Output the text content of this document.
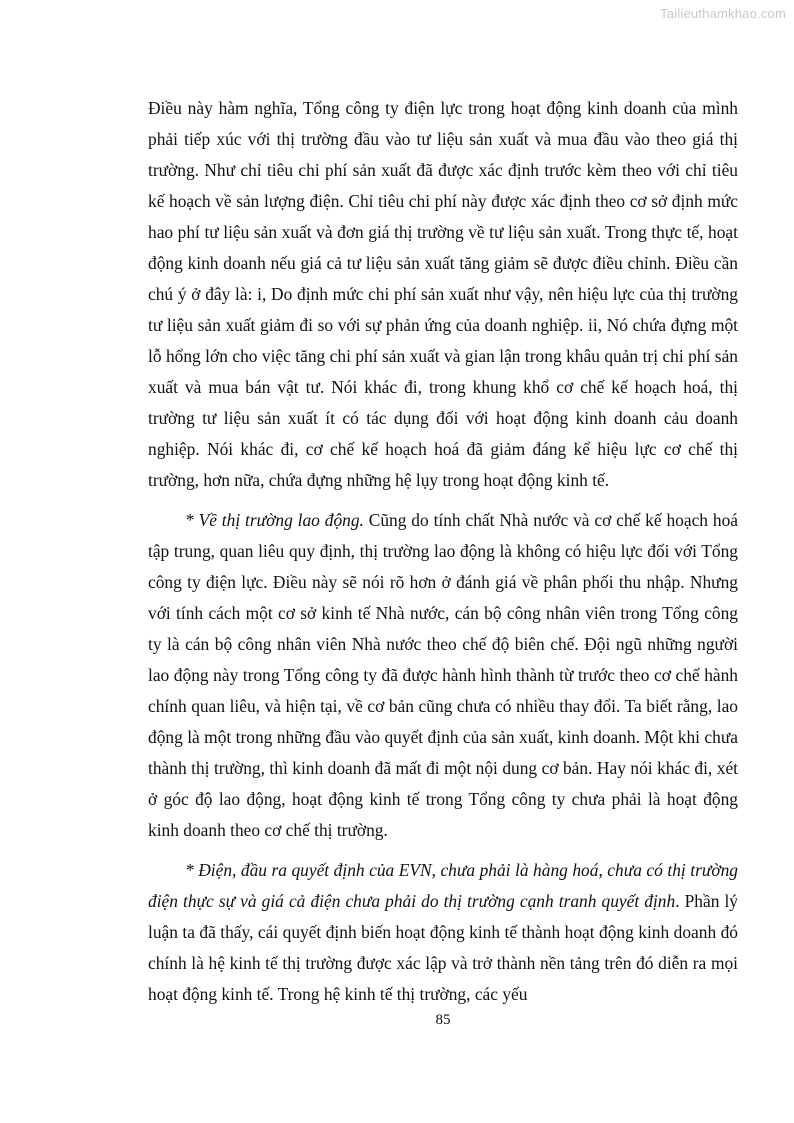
Tailieuthamkhao.com

Điều này hàm nghĩa, Tổng công ty điện lực trong hoạt động kinh doanh của mình phải tiếp xúc với thị trường đầu vào tư liệu sản xuất và mua đầu vào theo giá thị trường. Như chỉ tiêu chi phí sản xuất đã được xác định trước kèm theo với chỉ tiêu kế hoạch về sản lượng điện. Chỉ tiêu chi phí này được xác định theo cơ sở định mức hao phí tư liệu sản xuất và đơn giá thị trường về tư liệu sản xuất. Trong thực tế, hoạt động kinh doanh nếu giá cả tư liệu sản xuất tăng giảm sẽ được điều chỉnh. Điều cần chú ý ở đây là: i, Do định mức chi phí sản xuất như vậy, nên hiệu lực của thị trường tư liệu sản xuất giảm đi so với sự phản ứng của doanh nghiệp. ii, Nó chứa đựng một lỗ hổng lớn cho việc tăng chi phí sản xuất và gian lận trong khâu quản trị chi phí sản xuất và mua bán vật tư. Nói khác đi, trong khung khổ cơ chế kế hoạch hoá, thị trường tư liệu sản xuất ít có tác dụng đối với hoạt động kinh doanh cảu doanh nghiệp. Nói khác đi, cơ chế kế hoạch hoá đã giảm đáng kể hiệu lực cơ chế thị trường, hơn nữa, chứa đựng những hệ lụy trong hoạt động kinh tế.

* Về thị trường lao động. Cũng do tính chất Nhà nước và cơ chế kế hoạch hoá tập trung, quan liêu quy định, thị trường lao động là không có hiệu lực đối với Tổng công ty điện lực. Điều này sẽ nói rõ hơn ở đánh giá về phân phối thu nhập. Nhưng với tính cách một cơ sở kinh tế Nhà nước, cán bộ công nhân viên trong Tổng công ty là cán bộ công nhân viên Nhà nước theo chế độ biên chế. Đội ngũ những người lao động này trong Tổng công ty đã được hành hình thành từ trước theo cơ chế hành chính quan liêu, và hiện tại, về cơ bản cũng chưa có nhiều thay đổi. Ta biết rằng, lao động là một trong những đầu vào quyết định của sản xuất, kinh doanh. Một khi chưa thành thị trường, thì kinh doanh đã mất đi một nội dung cơ bản. Hay nói khác đi, xét ở góc độ lao động, hoạt động kinh tế trong Tổng công ty chưa phải là hoạt động kinh doanh theo cơ chế thị trường.

* Điện, đầu ra quyết định của EVN, chưa phải là hàng hoá, chưa có thị trường điện thực sự và giá cả điện chưa phải do thị trường cạnh tranh quyết định. Phần lý luận ta đã thấy, cái quyết định biến hoạt động kinh tế thành hoạt động kinh doanh đó chính là hệ kinh tế thị trường được xác lập và trở thành nền tảng trên đó diễn ra mọi hoạt động kinh tế. Trong hệ kinh tế thị trường, các yếu

85
